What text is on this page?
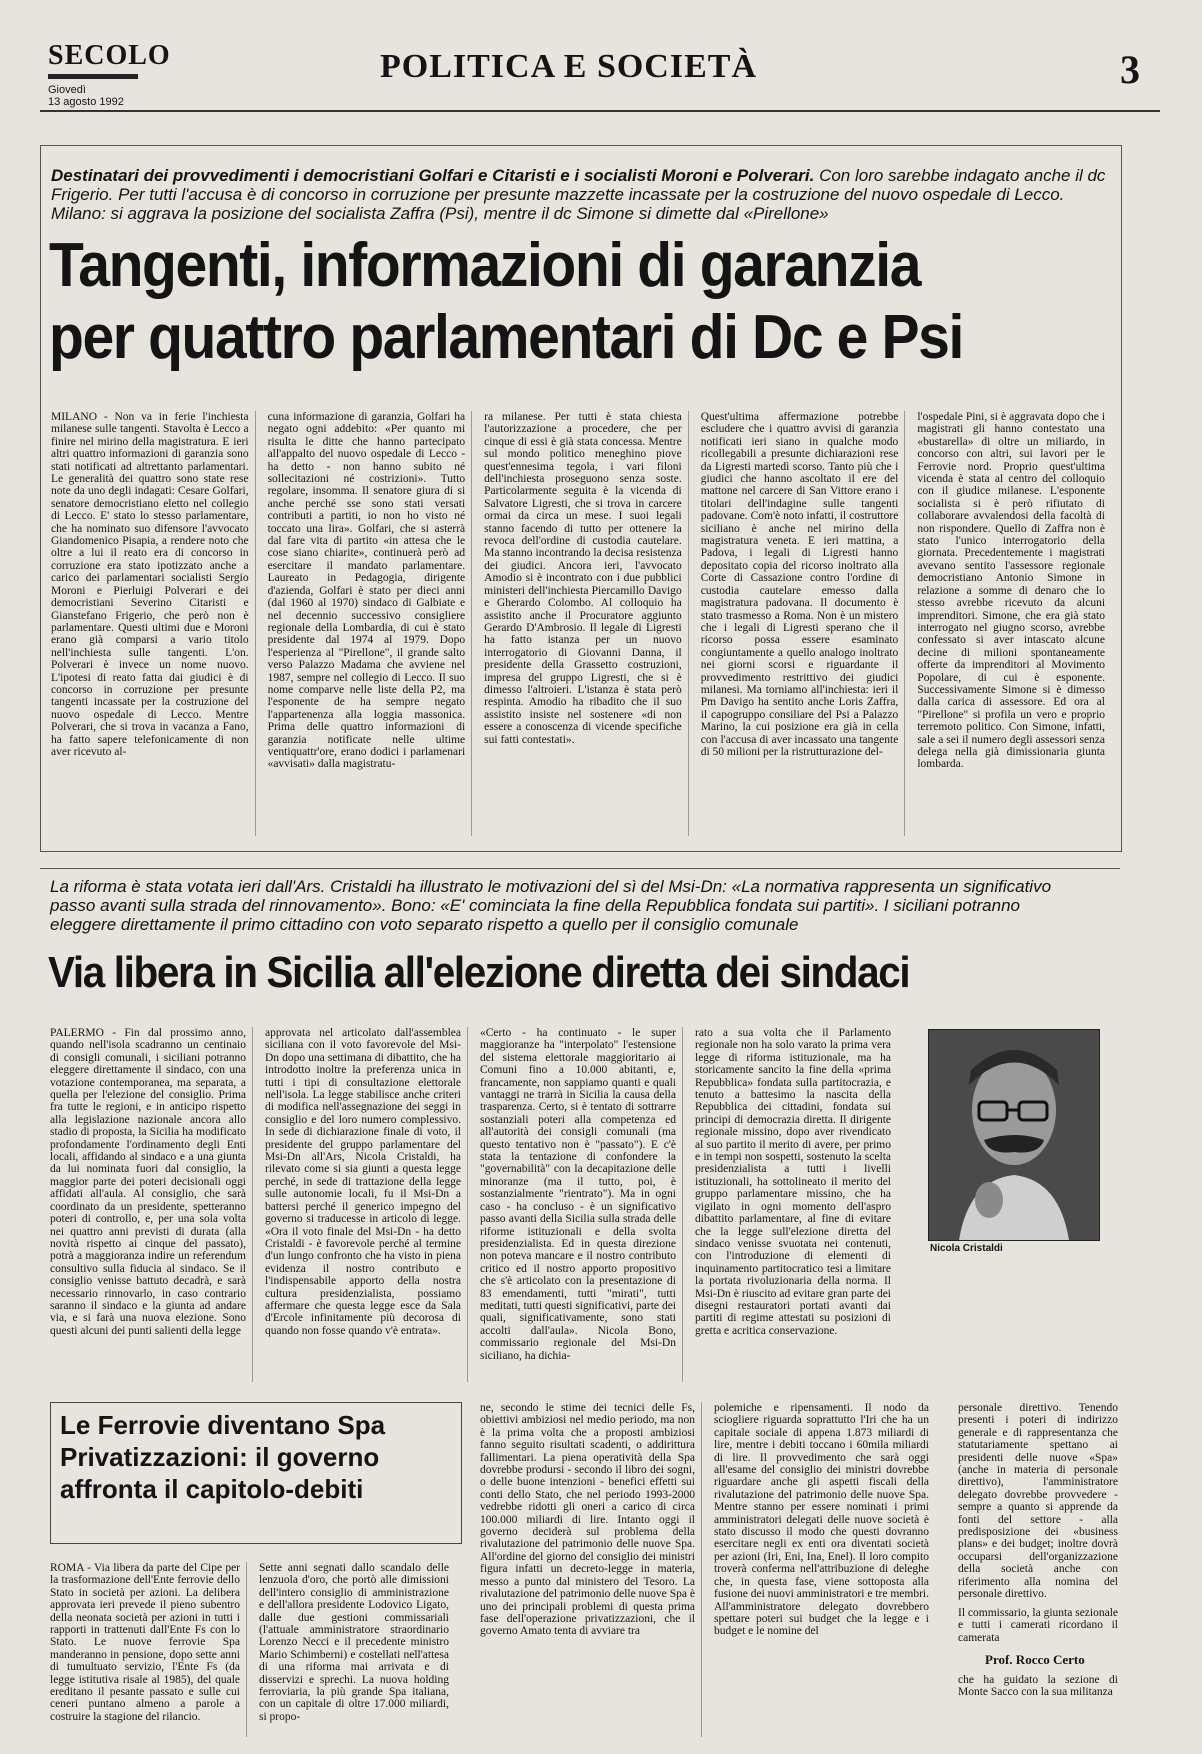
SECOLO
Giovedì
13 agosto 1992
POLITICA E SOCIETÀ	3
Destinatari dei provvedimenti i democristiani Golfari e Citaristi e i socialisti Moroni e Polverari. Con loro sarebbe indagato anche il dc Frigerio. Per tutti l'accusa è di concorso in corruzione per presunte mazzette incassate per la costruzione del nuovo ospedale di Lecco. Milano: si aggrava la posizione del socialista Zaffra (Psi), mentre il dc Simone si dimette dal «Pirellone»
Tangenti, informazioni di garanzia
per quattro parlamentari di Dc e Psi
MILANO - Non va in ferie l'inchiesta milanese sulle tangenti. Stavolta è Lecco a finire nel mirino della magistratura. E ieri altri quattro informazioni di garanzia sono stati notificati ad altrettanto parlamentari. Le generalità dei quattro sono state rese note da uno degli indagati: Cesare Golfari, senatore democristiano eletto nel collegio di Lecco. E' stato lo stesso parlamentare, che ha nominato suo difensore l'avvocato Giandomenico Pisapia, a rendere noto che oltre a lui il reato era di concorso in corruzione era stato ipotizzato anche a carico dei parlamentari socialisti Sergio Moroni e Pierluigi Polverari e dei democristiani Severino Citaristi e Gianstefano Frigerio, che però non è parlamentare. Questi ultimi due e Moroni erano già comparsi a vario titolo nell'inchiesta sulle tangenti. L'on. Polverari è invece un nome nuovo. L'ipotesi di reato fatta dai giudici è di concorso in corruzione per presunte tangenti incassate per la costruzione del nuovo ospedale di Lecco. Mentre Polverari, che si trova in vacanza a Fano, ha fatto sapere telefonicamente di non aver ricevuto al-
cuna informazione di garanzia, Golfari ha negato ogni addebito: «Per quanto mi risulta le ditte che hanno partecipato all'appalto del nuovo ospedale di Lecco - ha detto - non hanno subito né sollecitazioni né costrizioni». Tutto regolare, insomma. Il senatore giura di si anche perché sse sono stati versati contributi a partiti, io non ho visto né toccato una lira». Golfari, che si asterrà dal fare vita di partito «in attesa che le cose siano chiarite», continuerà però ad esercitare il mandato parlamentare. Laureato in Pedagogia, dirigente d'azienda, Golfari è stato per dieci anni (dal 1960 al 1970) sindaco di Galbiate e nel decennio successivo consigliere regionale della Lombardia, di cui è stato presidente dal 1974 al 1979. Dopo l'esperienza al "Pirellone", il grande salto verso Palazzo Madama che avviene nel 1987, sempre nel collegio di Lecco. Il suo nome comparve nelle liste della P2, ma l'esponente de ha sempre negato l'appartenenza alla loggia massonica. Prima delle quattro informazioni di garanzia notificate nelle ultime ventiquattr'ore, erano dodici i parlamenari «avvisati» dalla magistratu-
ra milanese. Per tutti è stata chiesta l'autorizzazione a procedere, che per cinque di essi è già stata concessa. Mentre sul mondo politico meneghino piove quest'ennesima tegola, i vari filoni dell'inchiesta proseguono senza soste. Particolarmente seguita è la vicenda di Salvatore Ligresti, che si trova in carcere ormai da circa un mese. I suoi legali stanno facendo di tutto per ottenere la revoca dell'ordine di custodia cautelare. Ma stanno incontrando la decisa resistenza dei giudici. Ancora ieri, l'avvocato Amodio si è incontrato con i due pubblici ministeri dell'inchiesta Piercamillo Davigo e Gherardo Colombo. Al colloquio ha assistito anche il Procuratore aggiunto Gerardo D'Ambrosio. Il legale di Ligresti ha fatto istanza per un nuovo interrogatorio di Giovanni Danna, il presidente della Grassetto costruzioni, impresa del gruppo Ligresti, che si è dimesso l'altroieri. L'istanza è stata però respinta. Amodio ha ribadito che il suo assistito insiste nel sostenere «di non essere a conoscenza di vicende specifiche sui fatti contestati».
Quest'ultima affermazione potrebbe escludere che i quattro avvisi di garanzia notificati ieri siano in qualche modo ricollegabili a presunte dichiarazioni rese da Ligresti martedì scorso. Tanto più che i giudici che hanno ascoltato il ere del mattone nel carcere di San Vittore erano i titolari dell'indagine sulle tangenti padovane. Com'è noto infatti, il costruttore siciliano è anche nel mirino della magistratura veneta. E ieri mattina, a Padova, i legali di Ligresti hanno depositato copia del ricorso inoltrato alla Corte di Cassazione contro l'ordine di custodia cautelare emesso dalla magistratura padovana. Il documento è stato trasmesso a Roma. Non è un mistero che i legali di Ligresti sperano che il ricorso possa essere esaminato congiuntamente a quello analogo inoltrato nei giorni scorsi e riguardante il provvedimento restrittivo dei giudici milanesi. Ma torniamo all'inchiesta: ieri il Pm Davigo ha sentito anche Loris Zaffra, il capogruppo consiliare del Psi a Palazzo Marino, la cui posizione era già in cella con l'accusa di aver incassato una tangente di 50 milioni per la ristrutturazione del-
l'ospedale Pini, si è aggravata dopo che i magistrati gli hanno contestato una «bustarella» di oltre un miliardo, in concorso con altri, sui lavori per le Ferrovie nord. Proprio quest'ultima vicenda è stata al centro del colloquio con il giudice milanese. L'esponente socialista si è però rifiutato di collaborare avvalendosi della facoltà di non rispondere. Quello di Zaffra non è stato l'unico interrogatorio della giornata. Precedentemente i magistrati avevano sentito l'assessore regionale democristiano Antonio Simone in relazione a somme di denaro che lo stesso avrebbe ricevuto da alcuni imprenditori. Simone, che era già stato interrogato nel giugno scorso, avrebbe confessato si aver intascato alcune decine di milioni spontaneamente offerte da imprenditori al Movimento Popolare, di cui è esponente. Successivamente Simone si è dimesso dalla carica di assessore. Ed ora al "Pirellone" si profila un vero e proprio terremoto politico. Con Simone, infatti, sale a sei il numero degli assessori senza delega nella già dimissionaria giunta lombarda.
La riforma è stata votata ieri dall'Ars. Cristaldi ha illustrato le motivazioni del sì del Msi-Dn: «La normativa rappresenta un significativo passo avanti sulla strada del rinnovamento». Bono: «E' cominciata la fine della Repubblica fondata sui partiti». I siciliani potranno eleggere direttamente il primo cittadino con voto separato rispetto a quello per il consiglio comunale
Via libera in Sicilia all'elezione diretta dei sindaci
PALERMO - Fin dal prossimo anno, quando nell'isola scadranno un centinaio di consigli comunali, i siciliani potranno eleggere direttamente il sindaco, con una votazione contemporanea, ma separata, a quella per l'elezione del consiglio. Prima fra tutte le regioni, e in anticipo rispetto alla legislazione nazionale ancora allo stadio di proposta, la Sicilia ha modificato profondamente l'ordinamento degli Enti locali, affidando al sindaco e a una giunta da lui nominata fuori dal consiglio, la maggior parte dei poteri decisionali oggi affidati all'aula. Al consiglio, che sarà coordinato da un presidente, spetteranno poteri di controllo, e, per una sola volta nei quattro anni previsti di durata (alla novità rispetto ai cinque del passato), potrà a maggioranza indire un referendum consultivo sulla fiducia al sindaco. Se il consiglio venisse battuto decadrà, e sarà necessario rinnovarlo, in caso contrario saranno il sindaco e la giunta ad andare via, e si farà una nuova elezione. Sono questi alcuni dei punti salienti della legge
approvata nel articolato dall'assemblea siciliana con il voto favorevole del Msi-Dn dopo una settimana di dibattito, che ha introdotto inoltre la preferenza unica in tutti i tipi di consultazione elettorale nell'isola. La legge stabilisce anche criteri di modifica nell'assegnazione dei seggi in consiglio e del loro numero complessivo. In sede di dichiarazione finale di voto, il presidente del gruppo parlamentare del Msi-Dn all'Ars, Nicola Cristaldi, ha rilevato come si sia giunti a questa legge perché, in sede di trattazione della legge sulle autonomie locali, fu il Msi-Dn a battersi perché il generico impegno del governo si traducesse in articolo di legge. «Ora il voto finale del Msi-Dn - ha detto Cristaldi - è favorevole perché al termine d'un lungo confronto che ha visto in piena evidenza il nostro contributo e l'indispensabile apporto della nostra cultura presidenzialista, possiamo affermare che questa legge esce da Sala d'Ercole infinitamente più decorosa di quando non fosse quando v'è entrata».
«Certo - ha continuato - le super maggioranze ha "interpolato" l'estensione del sistema elettorale maggioritario ai Comuni fino a 10.000 abitanti, e, francamente, non sappiamo quanti e quali vantaggi ne trarrà in Sicilia la causa della trasparenza. Certo, si è tentato di sottrarre sostanziali poteri alla competenza ed all'autorità dei consigli comunali (ma questo tentativo non è "passato"). E c'è stata la tentazione di confondere la "governabilità" con la decapitazione delle minoranze (ma il tutto, poi, è sostanzialmente "rientrato"). Ma in ogni caso - ha concluso - è un significativo passo avanti della Sicilia sulla strada delle riforme istituzionali e della svolta presidenzialista. Ed in questa direzione non poteva mancare e il nostro contributo critico ed il nostro apporto propositivo che s'è articolato con la presentazione di 83 emendamenti, tutti "mirati", tutti meditati, tutti questi significativi, parte dei quali, significativamente, sono stati accolti dall'aula». Nicola Bono, commissario regionale del Msi-Dn siciliano, ha dichia-
rato a sua volta che il Parlamento regionale non ha solo varato la prima vera legge di riforma istituzionale, ma ha storicamente sancito la fine della «prima Repubblica» fondata sulla partitocrazia, e tenuto a battesimo la nascita della Repubblica dei cittadini, fondata sui principi di democrazia diretta. Il dirigente regionale missino, dopo aver rivendicato al suo partito il merito di avere, per primo e in tempi non sospetti, sostenuto la scelta presidenzialista a tutti i livelli istituzionali, ha sottolineato il merito del gruppo parlamentare missino, che ha vigilato in ogni momento dell'aspro dibattito parlamentare, al fine di evitare che la legge sull'elezione diretta del sindaco venisse svuotata nei contenuti, con l'introduzione di elementi di inquinamento partitocratico tesi a limitare la portata rivoluzionaria della norma. Il Msi-Dn è riuscito ad evitare gran parte dei disegni restauratori portati avanti dai partiti di regime attestati su posizioni di gretta e acritica conservazione.
Nicola Cristaldi
Le Ferrovie diventano Spa
Privatizzazioni: il governo
affronta il capitolo-debiti
ROMA - Via libera da parte del Cipe per la trasformazione dell'Ente ferrovie dello Stato in società per azioni. La delibera approvata ieri prevede il pieno subentro della neonata società per azioni in tutti i rapporti in trattenuti dall'Ente Fs con lo Stato. Le nuove ferrovie Spa manderanno in pensione, dopo sette anni di tumultuato servizio, l'Ente Fs (da legge istitutiva risale al 1985), del quale ereditano il pesante passato e sulle cui ceneri puntano almeno a parole a costruire la stagione del rilancio.
Sette anni segnati dallo scandalo delle lenzuola d'oro, che portò alle dimissioni dell'intero consiglio di amministrazione e dell'allora presidente Lodovico Ligato, dalle due gestioni commissariali (l'attuale amministratore straordinario Lorenzo Necci e il precedente ministro Mario Schimberni) e costellati nell'attesa di una riforma mai arrivata e di disservizi e sprechi. La nuova holding ferroviaria, la più grande Spa italiana, con un capitale di oltre 17.000 miliardi, si propo-
ne, secondo le stime dei tecnici delle Fs, obiettivi ambiziosi nel medio periodo, ma non è la prima volta che a proposti ambiziosi fanno seguito risultati scadenti, o addirittura fallimentari. La piena operatività della Spa dovrebbe prodursi - secondo il libro dei sogni, o delle buone intenzioni - benefici effetti sui conti dello Stato, che nel periodo 1993-2000 vedrebbe ridotti gli oneri a carico di circa 100.000 miliardi di lire. Intanto oggi il governo deciderà sul problema della rivalutazione del patrimonio delle nuove Spa. All'ordine del giorno del consiglio dei ministri figura infatti un decreto-legge in materia, messo a punto dal ministero del Tesoro. La rivalutazione del patrimonio delle nuove Spa è uno dei principali problemi di questa prima fase dell'operazione privatizzazioni, che il governo Amato tenta di avviare tra
polemiche e ripensamenti. Il nodo da sciogliere riguarda soprattutto l'Iri che ha un capitale sociale di appena 1.873 miliardi di lire, mentre i debiti toccano i 60mila miliardi di lire. Il provvedimento che sarà oggi all'esame del consiglio dei ministri dovrebbe riguardare anche gli aspetti fiscali della rivalutazione del patrimonio delle nuove Spa. Mentre stanno per essere nominati i primi amministratori delegati delle nuove società è stato discusso il modo che questi dovranno esercitare negli ex enti ora diventati società per azioni (Iri, Eni, Ina, Enel). Il loro compito troverà conferma nell'attribuzione di deleghe che, in questa fase, viene sottoposta alla fusione dei nuovi amministratori e tre membri. All'amministratore delegato dovrebbero spettare poteri sui budget che la legge e i budget e le nomine del
personale direttivo. Tenendo presenti i poteri di indirizzo generale e di rappresentanza che statutariamente spettano ai presidenti delle nuove «Spa» (anche in materia di personale direttivo), l'amministratore delegato dovrebbe provvedere - sempre a quanto si apprende da fonti del settore - alla predisposizione dei «business plans» e dei budget; inoltre dovrà occuparsi dell'organizzazione della società anche con riferimento alla nomina del personale direttivo.
Il commissario, la giunta sezionale e tutti i camerati ricordano il camerata
Prof. Rocco Certo
che ha guidato la sezione di Monte Sacco con la sua militanza
